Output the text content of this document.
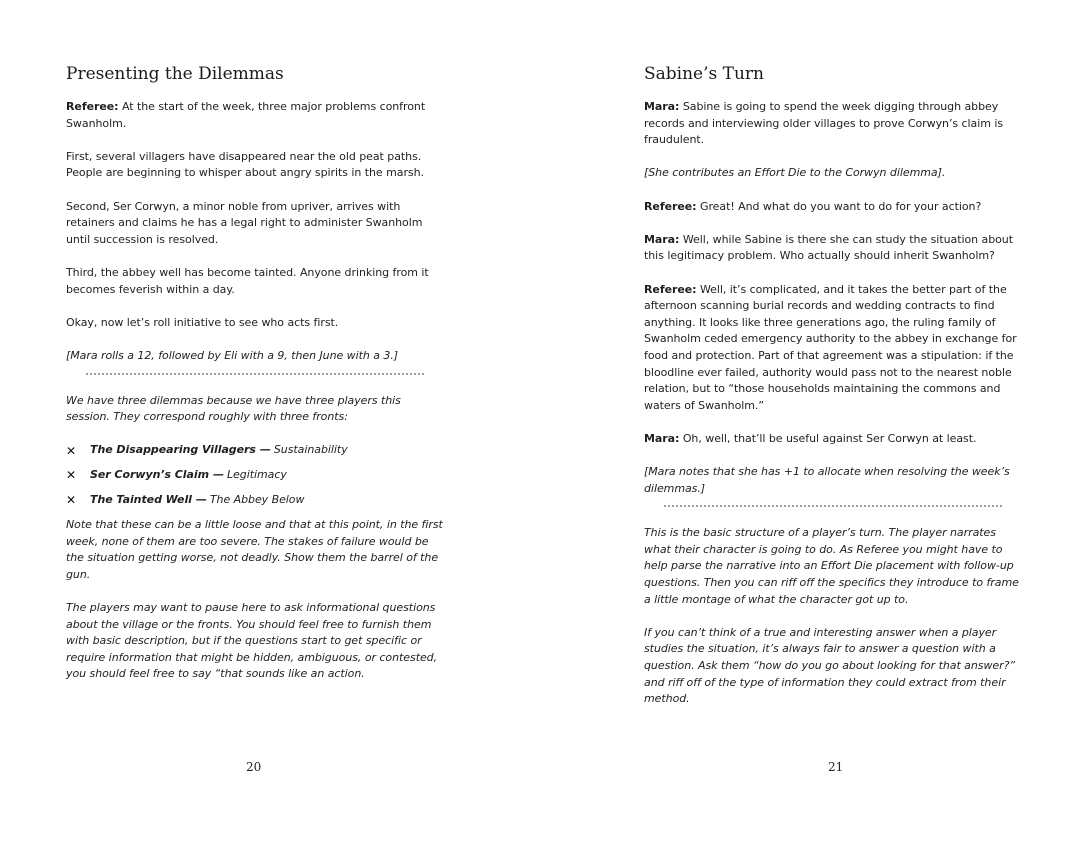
Presenting the Dilemmas

Referee: At the start of the week, three major problems confront Swanholm.

First, several villagers have disappeared near the old peat paths. People are beginning to whisper about angry spirits in the marsh.

Second, Ser Corwyn, a minor noble from upriver, arrives with retainers and claims he has a legal right to administer Swanholm until succession is resolved.

Third, the abbey well has become tainted. Anyone drinking from it becomes feverish within a day.

Okay, now let’s roll initiative to see who acts first.

[Mara rolls a 12, followed by Eli with a 9, then June with a 3.]

We have three dilemmas because we have three players this session. They correspond roughly with three fronts:

✕	The Disappearing Villagers — Sustainability
✕	Ser Corwyn’s Claim — Legitimacy
✕	The Tainted Well — The Abbey Below

Note that these can be a little loose and that at this point, in the first week, none of them are too severe. The stakes of failure would be the situation getting worse, not deadly. Show them the barrel of the gun.

The players may want to pause here to ask informational questions about the village or the fronts. You should feel free to furnish them with basic description, but if the questions start to get specific or require information that might be hidden, ambiguous, or contested, you should feel free to say “that sounds like an action.

20
Sabine’s Turn

Mara: Sabine is going to spend the week digging through abbey records and interviewing older villages to prove Corwyn’s claim is fraudulent.

[She contributes an Effort Die to the Corwyn dilemma].

Referee: Great! And what do you want to do for your action?

Mara: Well, while Sabine is there she can study the situation about this legitimacy problem. Who actually should inherit Swanholm?

Referee: Well, it’s complicated, and it takes the better part of the afternoon scanning burial records and wedding contracts to find anything. It looks like three generations ago, the ruling family of Swanholm ceded emergency authority to the abbey in exchange for food and protection. Part of that agreement was a stipulation: if the bloodline ever failed, authority would pass not to the nearest noble relation, but to “those households maintaining the commons and waters of Swanholm.”

Mara: Oh, well, that’ll be useful against Ser Corwyn at least.

[Mara notes that she has +1 to allocate when resolving the week’s dilemmas.]

This is the basic structure of a player’s turn. The player narrates what their character is going to do. As Referee you might have to help parse the narrative into an Effort Die placement with follow-up questions. Then you can riff off the specifics they introduce to frame a little montage of what the character got up to.

If you can’t think of a true and interesting answer when a player studies the situation, it’s always fair to answer a question with a question. Ask them “how do you go about looking for that answer?” and riff off of the type of information they could extract from their method.

21
